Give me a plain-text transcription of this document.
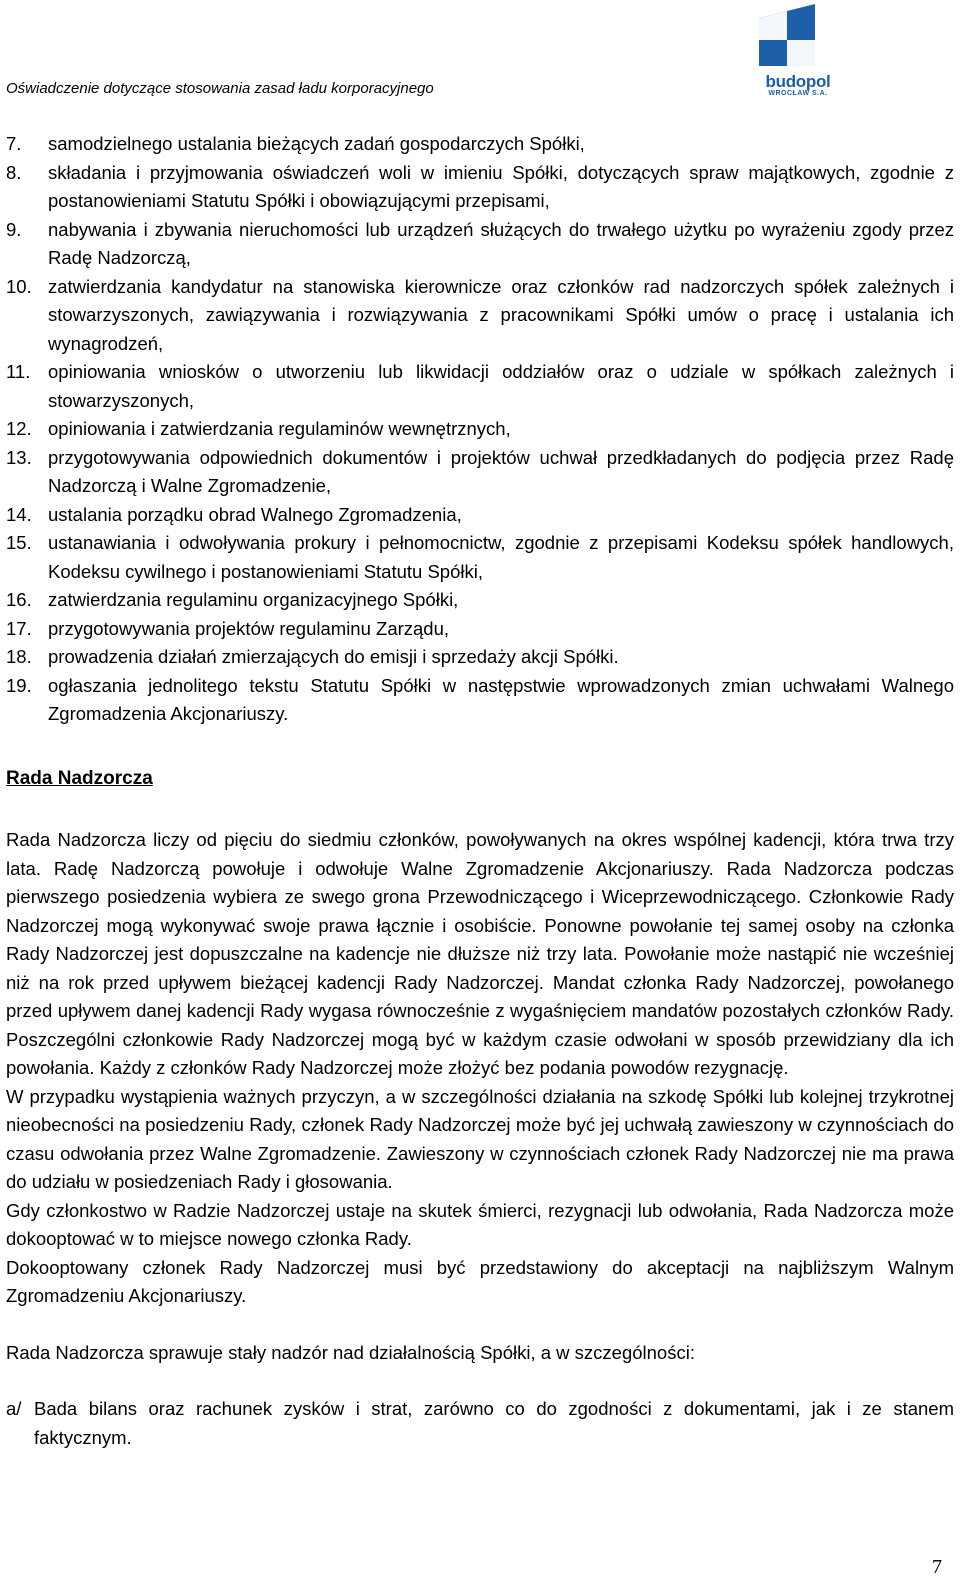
Oświadczenie dotyczące stosowania zasad ładu korporacyjnego	budopol
WROCŁAW S.A.
7. samodzielnego ustalania bieżących zadań gospodarczych Spółki,
8. składania i przyjmowania oświadczeń woli w imieniu Spółki, dotyczących spraw majątkowych, zgodnie z postanowieniami Statutu Spółki i obowiązującymi przepisami,
9. nabywania i zbywania nieruchomości lub urządzeń służących do trwałego użytku po wyrażeniu zgody przez Radę Nadzorczą,
10. zatwierdzania kandydatur na stanowiska kierownicze oraz członków rad nadzorczych spółek zależnych i stowarzyszonych, zawiązywania i rozwiązywania z pracownikami Spółki umów o pracę i ustalania ich wynagrodzeń,
11. opiniowania wniosków o utworzeniu lub likwidacji oddziałów oraz o udziale w spółkach zależnych i stowarzyszonych,
12. opiniowania i zatwierdzania regulaminów wewnętrznych,
13. przygotowywania odpowiednich dokumentów i projektów uchwał przedkładanych do podjęcia przez Radę Nadzorczą i Walne Zgromadzenie,
14. ustalania porządku obrad Walnego Zgromadzenia,
15. ustanawiania i odwoływania prokury i pełnomocnictw, zgodnie z przepisami Kodeksu spółek handlowych, Kodeksu cywilnego i postanowieniami Statutu Spółki,
16. zatwierdzania regulaminu organizacyjnego Spółki,
17. przygotowywania projektów regulaminu Zarządu,
18. prowadzenia działań zmierzających do emisji i sprzedaży akcji Spółki.
19. ogłaszania jednolitego tekstu Statutu Spółki w następstwie wprowadzonych zmian uchwałami Walnego Zgromadzenia Akcjonariuszy.
Rada Nadzorcza

Rada Nadzorcza liczy od pięciu do siedmiu członków, powoływanych na okres wspólnej kadencji, która trwa trzy lata. Radę Nadzorczą powołuje i odwołuje Walne Zgromadzenie Akcjonariuszy. Rada Nadzorcza podczas pierwszego posiedzenia wybiera ze swego grona Przewodniczącego i Wiceprzewodniczącego. Członkowie Rady Nadzorczej mogą wykonywać swoje prawa łącznie i osobiście. Ponowne powołanie tej samej osoby na członka Rady Nadzorczej jest dopuszczalne na kadencje nie dłuższe niż trzy lata. Powołanie może nastąpić nie wcześniej niż na rok przed upływem bieżącej kadencji Rady Nadzorczej. Mandat członka Rady Nadzorczej, powołanego przed upływem danej kadencji Rady wygasa równocześnie z wygaśnięciem mandatów pozostałych członków Rady. Poszczególni członkowie Rady Nadzorczej mogą być w każdym czasie odwołani w sposób przewidziany dla ich powołania. Każdy z członków Rady Nadzorczej może złożyć bez podania powodów rezygnację.

W przypadku wystąpienia ważnych przyczyn, a w szczególności działania na szkodę Spółki lub kolejnej trzykrotnej nieobecności na posiedzeniu Rady, członek Rady Nadzorczej może być jej uchwałą zawieszony w czynnościach do czasu odwołania przez Walne Zgromadzenie. Zawieszony w czynnościach członek Rady Nadzorczej nie ma prawa do udziału w posiedzeniach Rady i głosowania.

Gdy członkostwo w Radzie Nadzorczej ustaje na skutek śmierci, rezygnacji lub odwołania, Rada Nadzorcza może dokooptować w to miejsce nowego członka Rady.

Dokooptowany członek Rady Nadzorczej musi być przedstawiony do akceptacji na najbliższym Walnym Zgromadzeniu Akcjonariuszy.

Rada Nadzorcza sprawuje stały nadzór nad działalnością Spółki, a w szczególności:

a/ Bada bilans oraz rachunek zysków i strat, zarówno co do zgodności z dokumentami, jak i ze stanem faktycznym.
7
